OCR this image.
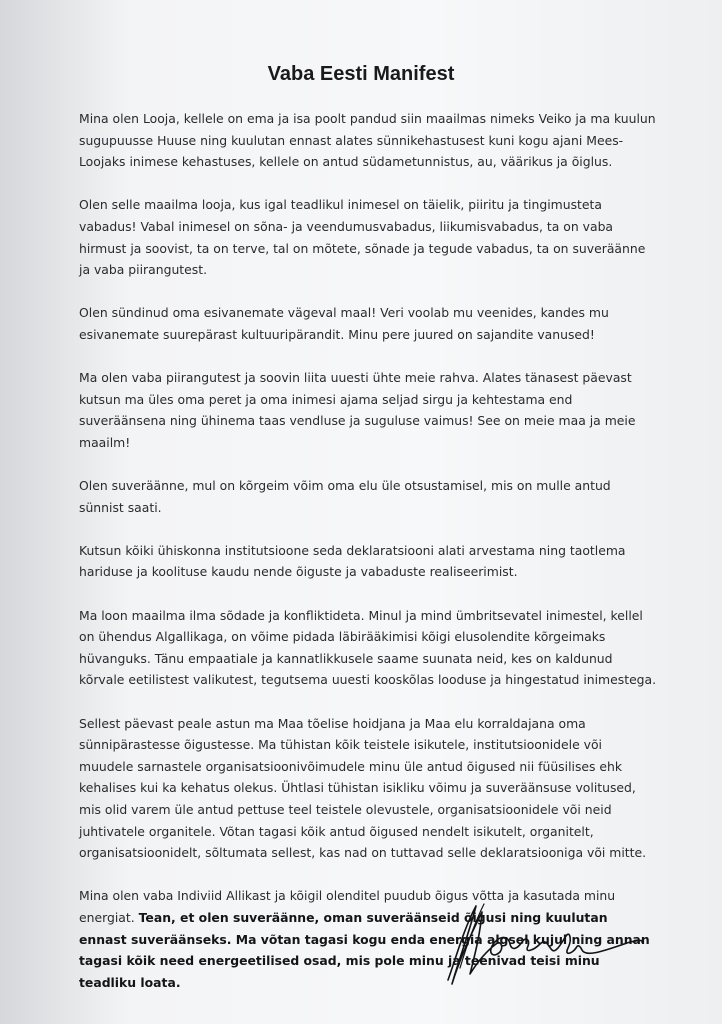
Vaba Eesti Manifest

Mina olen Looja, kellele on ema ja isa poolt pandud siin maailmas nimeks Veiko ja ma kuulun sugupuusse Huuse ning kuulutan ennast alates sünnikehastusest kuni kogu ajani Mees-Loojaks inimese kehastuses, kellele on antud südametunnistus, au, väärikus ja õiglus.

Olen selle maailma looja, kus igal teadlikul inimesel on täielik, piiritu ja tingimusteta vabadus! Vabal inimesel on sõna- ja veendumusvabadus, liikumisvabadus, ta on vaba hirmust ja soovist, ta on terve, tal on mõtete, sõnade ja tegude vabadus, ta on suveräänne ja vaba piirangutest.

Olen sündinud oma esivanemate vägeval maal! Veri voolab mu veenides, kandes mu esivanemate suurepärast kultuuripärandit. Minu pere juured on sajandite vanused!

Ma olen vaba piirangutest ja soovin liita uuesti ühte meie rahva. Alates tänasest päevast kutsun ma üles oma peret ja oma inimesi ajama seljad sirgu ja kehtestama end suveräänsena ning ühinema taas vendluse ja suguluse vaimus! See on meie maa ja meie maailm!

Olen suveräänne, mul on kõrgeim võim oma elu üle otsustamisel, mis on mulle antud sünnist saati.

Kutsun kõiki ühiskonna institutsioone seda deklaratsiooni alati arvestama ning taotlema hariduse ja koolituse kaudu nende õiguste ja vabaduste realiseerimist.

Ma loon maailma ilma sõdade ja konfliktideta. Minul ja mind ümbritsevatel inimestel, kellel on ühendus Algallikaga, on võime pidada läbirääkimisi kõigi elusolendite kõrgeimaks hüvanguks. Tänu empaatiale ja kannatlikkusele saame suunata neid, kes on kaldunud kõrvale eetilistest valikutest, tegutsema uuesti kooskõlas looduse ja hingestatud inimestega.

Sellest päevast peale astun ma Maa tõelise hoidjana ja Maa elu korraldajana oma sünnipärastesse õigustesse. Ma tühistan kõik teistele isikutele, institutsioonidele või muudele sarnastele organisatsioonivõimudele minu üle antud õigused nii füüsilises ehk kehalises kui ka kehatus olekus. Ühtlasi tühistan isikliku võimu ja suveräänsuse volitused, mis olid varem üle antud pettuse teel teistele olevustele, organisatsioonidele või neid juhtivatele organitele. Võtan tagasi kõik antud õigused nendelt isikutelt, organitelt, organisatsioonidelt, sõltumata sellest, kas nad on tuttavad selle deklaratsiooniga või mitte.

Mina olen vaba Indiviid Allikast ja kõigil olenditel puudub õigus võtta ja kasutada minu energiat. Tean, et olen suveräänne, oman suveräänseid õigusi ning kuulutan ennast suveräänseks. Ma võtan tagasi kogu enda energia algsel kujul ning annan tagasi kõik need energeetilised osad, mis pole minu ja teenivad teisi minu teadliku loata.
